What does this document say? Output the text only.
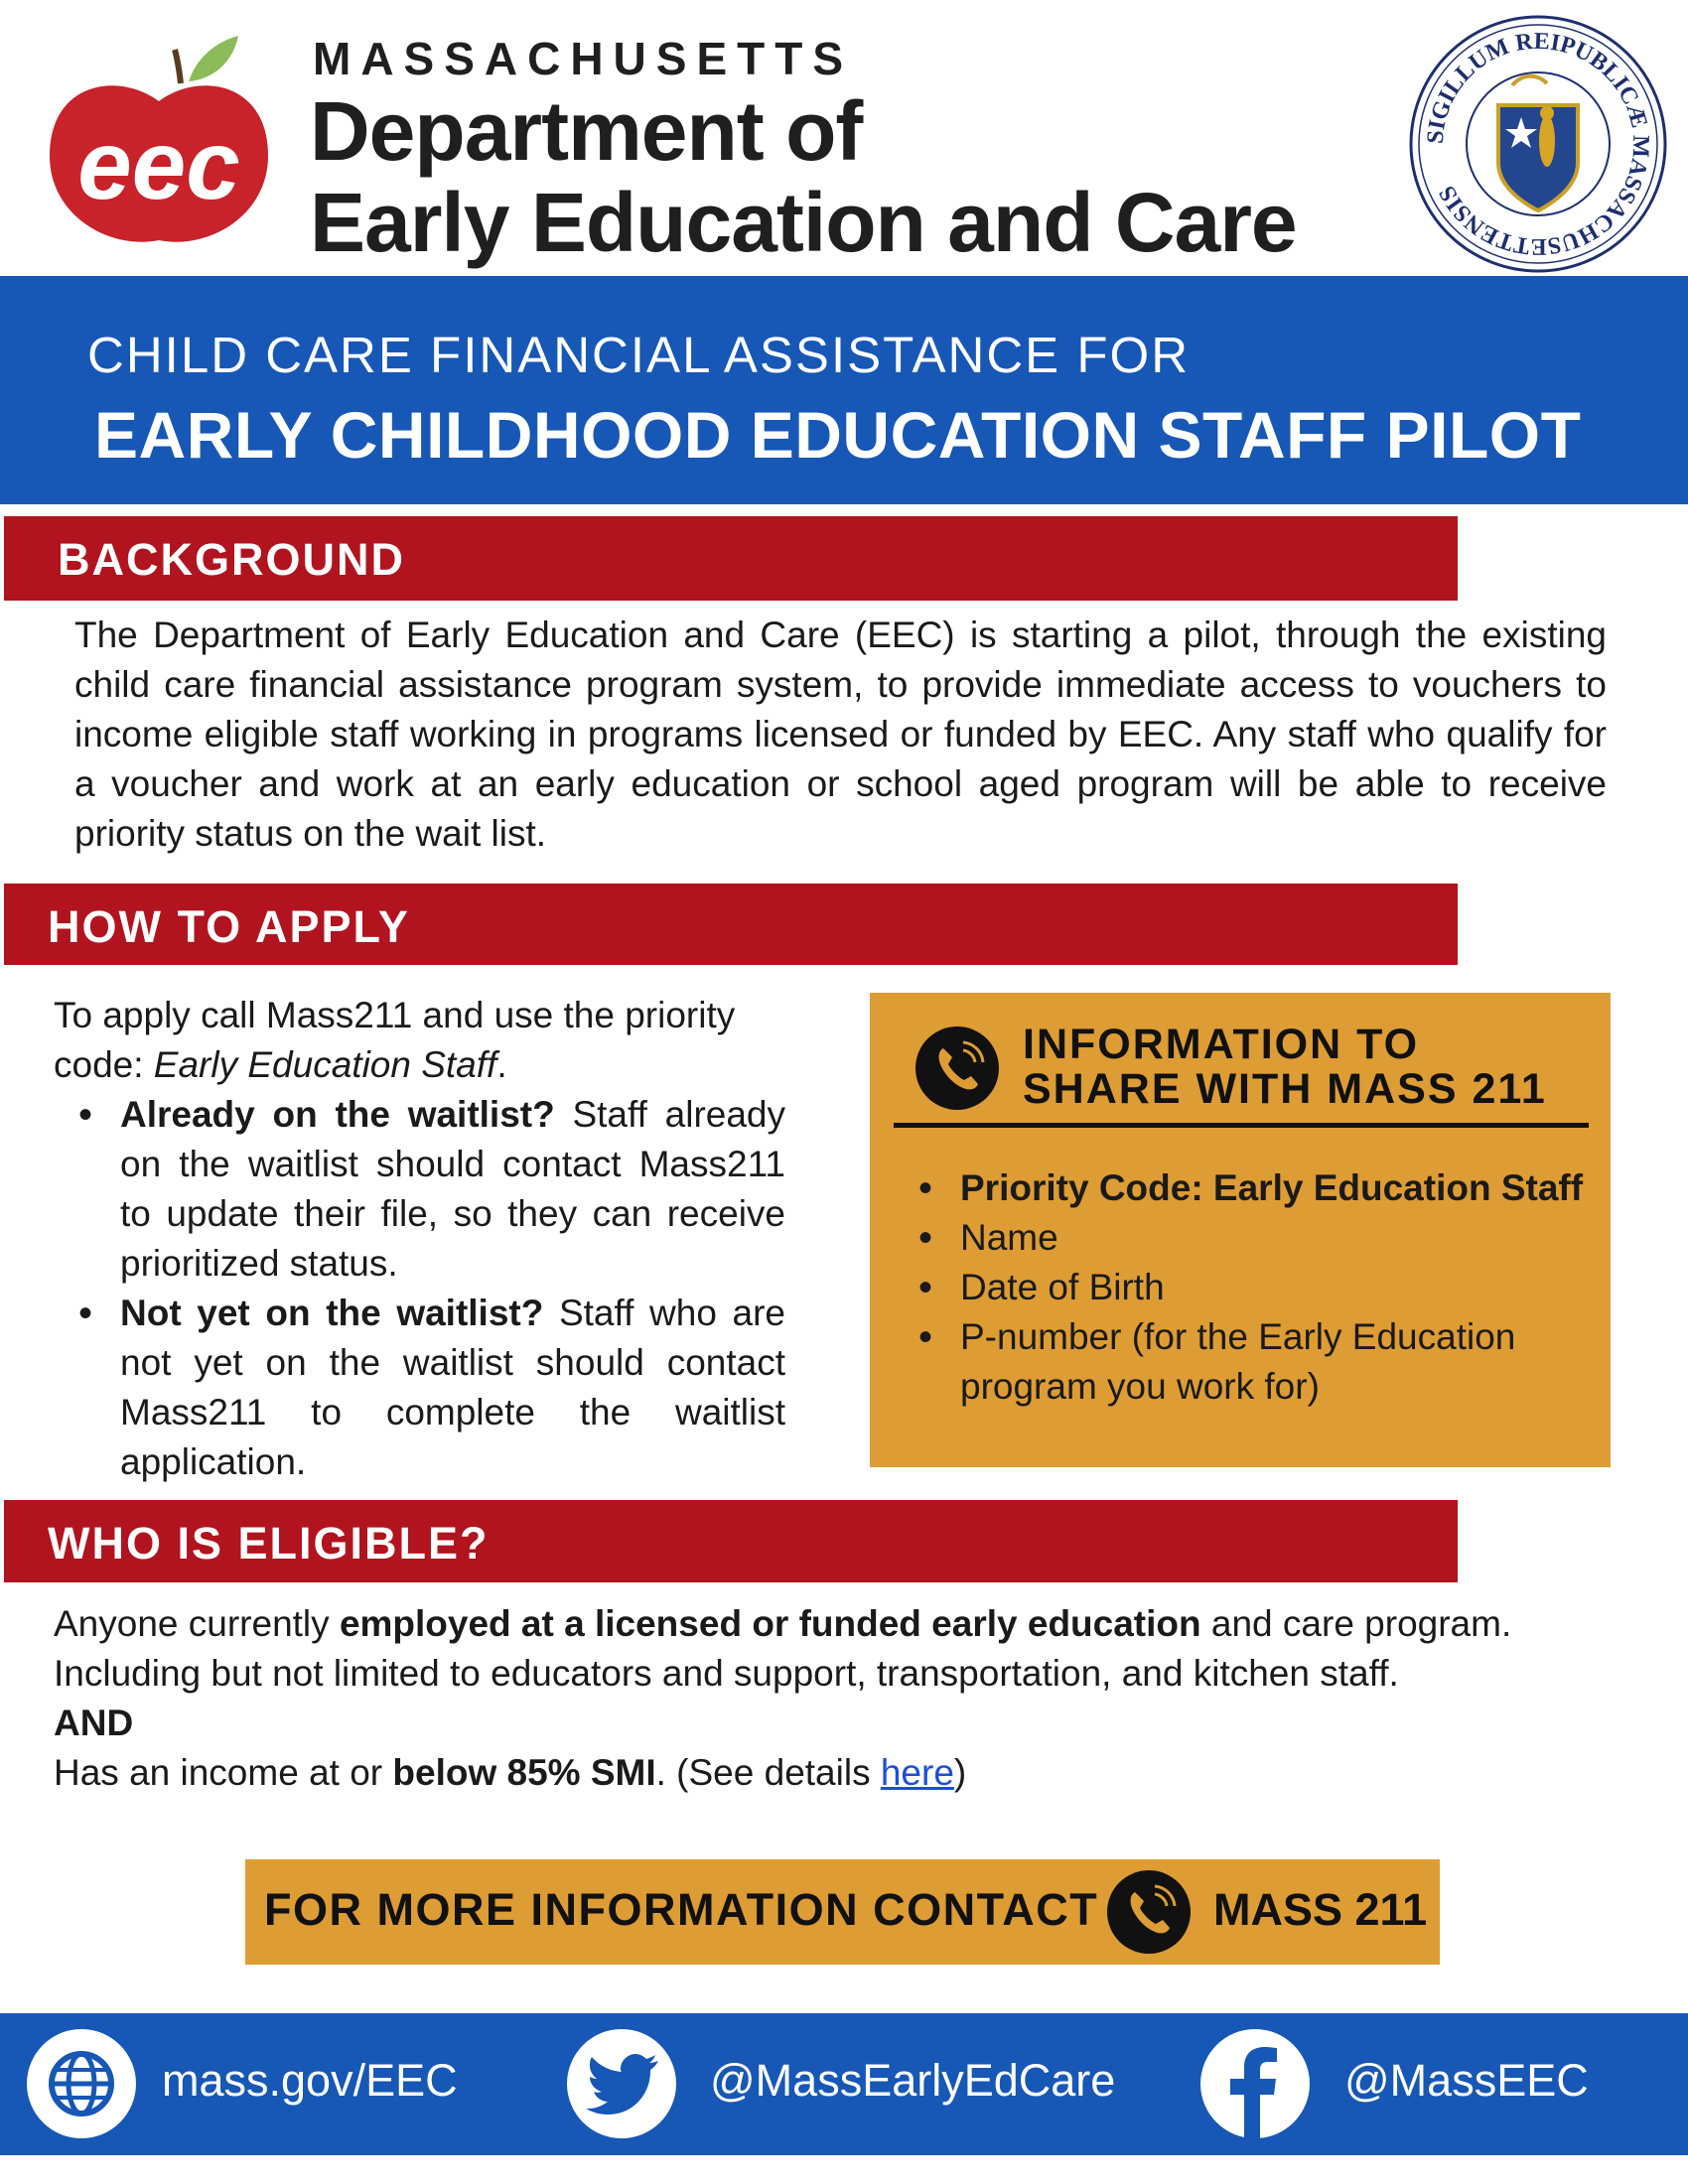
eec
MASSACHUSETTS
Department of
Early Education and Care
SIGILLUM REIPUBLICÆ MASSACHUSETTENSIS
CHILD CARE FINANCIAL ASSISTANCE FOR
EARLY CHILDHOOD EDUCATION STAFF PILOT
BACKGROUND
The Department of Early Education and Care (EEC) is starting a pilot, through the existing child care financial assistance program system, to provide immediate access to vouchers to income eligible staff working in programs licensed or funded by EEC. Any staff who qualify for a voucher and work at an early education or school aged program will be able to receive priority status on the wait list.
HOW TO APPLY
To apply call Mass211 and use the priority code: Early Education Staff.
• Already on the waitlist? Staff already on the waitlist should contact Mass211 to update their file, so they can receive prioritized status.
• Not yet on the waitlist? Staff who are not yet on the waitlist should contact Mass211 to complete the waitlist application.
INFORMATION TO
SHARE WITH MASS 211
• Priority Code: Early Education Staff
• Name
• Date of Birth
• P-number (for the Early Education program you work for)
WHO IS ELIGIBLE?
Anyone currently employed at a licensed or funded early education and care program.
Including but not limited to educators and support, transportation, and kitchen staff.
AND
Has an income at or below 85% SMI. (See details here)
FOR MORE INFORMATION CONTACT	MASS 211
mass.gov/EEC	@MassEarlyEdCare	@MassEEC
